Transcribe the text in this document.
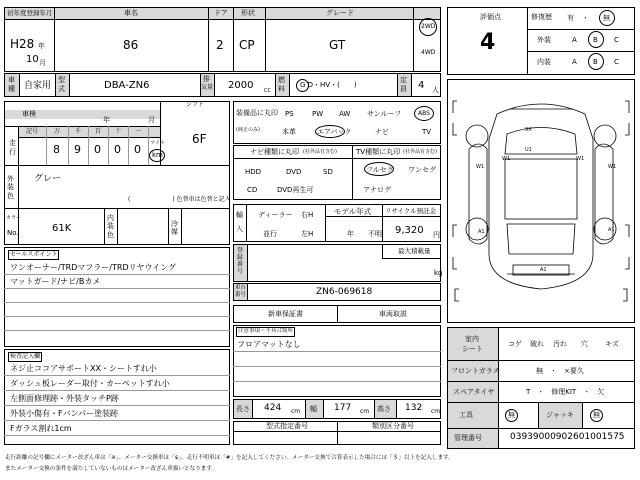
初年度登録年月
H28 年
10 月
車名
86
ドア
2
形状
CP
グレード
GT
2WD
4WD
車
種 自家用
型
式	DBA-ZN6
排
気量 2000 CC
燃
料 G D・HV・(　　)
定
員 4 人
車検
年	月
シフト
6F
走
行
記号	万 千 百 十 一
8 9 0 0 0 マイル
km
外装色
グレー
(　　　　　　　) 色替車は色替と記入
カラー
No.	61K
内装色
冷媒
セールスポイント
ワンオーナー/TRDマフラー/TRDリヤウイング
マットガード/ナビ/Bカメ
検査記入欄
ネジ止ココアサポートXX・シートすれ小
ダッシュ板レーダー取付・カーペットすれ小
左側面修理跡・外装タッチP跡
外装小傷有・Fバンパー塗装跡
Fガラス割れ1cm
装備品に丸印
(純正のみ)
PS	PW AW サンルーフ	ABS
本革	エアバック	ナビ	TV
ナビ種類に丸印 (社外品有含む)
HDD	DVD	SD
CD	DVD再生可
TV種類に丸印 (社外品有含む)
フルセグ ワンセグ
アナログ
輸
入
ディーラー
並行
右H
左H
モデル年式
年　　不明
リサイクル預託金
9,320 円
登録番号
最大積載量
kg
車台
番号	ZN6-069618
新車保証書	車両取説
注意事項・不具合箇所
フロアマットなし
長さ 424 cm 幅 177 cm 高さ 132 cm
型式指定番号	類別区分番号
評価点
4
修復歴 有 ・ 無
外装	A B C
内装	A B C
XX
W1
W1
W1
A1	A1
U1
W1
A1
室内
シート
コゲ 破れ 汚れ 穴 キズ
フロントガラス	無　・　×要久
スペアタイヤ	T　・　修理KIT　・　欠
工具	無	ジャッキ	無
管理番号	03939000902601001575
走行距離の記号欄にメーター改ざん車は「※」、メーター交換車は「$」、走行不明車は「#」を記入してください。メーター交換で合算表示した場合には「＄」以上を記入します。
またメーター交換の条件を満たしていないものはメーター改ざん車扱いとなります。
